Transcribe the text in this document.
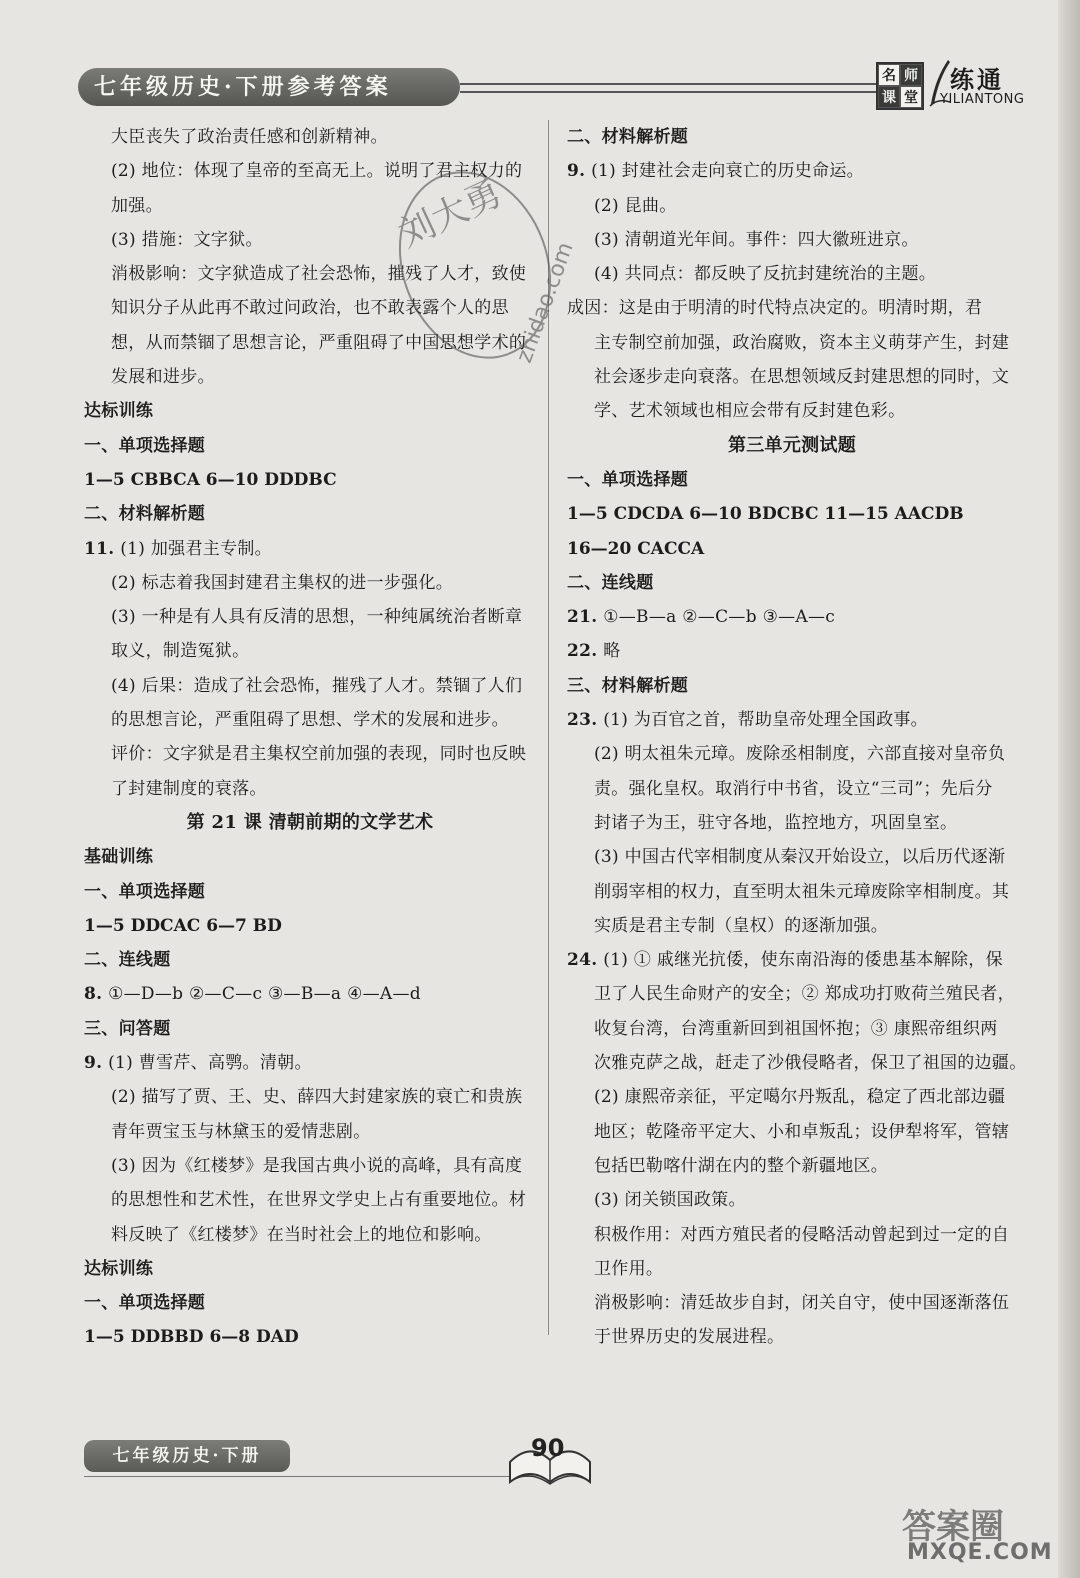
七年级历史·下册参考答案	名 师
课 堂
练通
YILIANTONG
大臣丧失了政治责任感和创新精神。
(2) 地位：体现了皇帝的至高无上。说明了君主权力的
加强。
(3) 措施：文字狱。
消极影响：文字狱造成了社会恐怖，摧残了人才，致使
知识分子从此再不敢过问政治，也不敢表露个人的思
想，从而禁锢了思想言论，严重阻碍了中国思想学术的
发展和进步。
达标训练
一、单项选择题
1—5 CBBCA 6—10 DDDBC
二、材料解析题
11. (1) 加强君主专制。
(2) 标志着我国封建君主集权的进一步强化。
(3) 一种是有人具有反清的思想，一种纯属统治者断章
取义，制造冤狱。
(4) 后果：造成了社会恐怖，摧残了人才。禁锢了人们
的思想言论，严重阻碍了思想、学术的发展和进步。
评价：文字狱是君主集权空前加强的表现，同时也反映
了封建制度的衰落。
第 21 课 清朝前期的文学艺术
基础训练
一、单项选择题
1—5 DDCAC 6—7 BD
二、连线题
8. ①—D—b ②—C—c ③—B—a ④—A—d
三、问答题
9. (1) 曹雪芹、高鹗。清朝。
(2) 描写了贾、王、史、薛四大封建家族的衰亡和贵族
青年贾宝玉与林黛玉的爱情悲剧。
(3) 因为《红楼梦》是我国古典小说的高峰，具有高度
的思想性和艺术性，在世界文学史上占有重要地位。材
料反映了《红楼梦》在当时社会上的地位和影响。
达标训练
一、单项选择题
1—5 DDBBD 6—8 DAD
二、材料解析题
9. (1) 封建社会走向衰亡的历史命运。
(2) 昆曲。
(3) 清朝道光年间。事件：四大徽班进京。
(4) 共同点：都反映了反抗封建统治的主题。
成因：这是由于明清的时代特点决定的。明清时期，君
主专制空前加强，政治腐败，资本主义萌芽产生，封建
社会逐步走向衰落。在思想领域反封建思想的同时，文
学、艺术领域也相应会带有反封建色彩。
第三单元测试题
一、单项选择题
1—5 CDCDA 6—10 BDCBC 11—15 AACDB
16—20 CACCA
二、连线题
21. ①—B—a ②—C—b ③—A—c
22. 略
三、材料解析题
23. (1) 为百官之首，帮助皇帝处理全国政事。
(2) 明太祖朱元璋。废除丞相制度，六部直接对皇帝负
责。强化皇权。取消行中书省，设立“三司”；先后分
封诸子为王，驻守各地，监控地方，巩固皇室。
(3) 中国古代宰相制度从秦汉开始设立，以后历代逐渐
削弱宰相的权力，直至明太祖朱元璋废除宰相制度。其
实质是君主专制（皇权）的逐渐加强。
24. (1) ① 戚继光抗倭，使东南沿海的倭患基本解除，保
卫了人民生命财产的安全；② 郑成功打败荷兰殖民者，
收复台湾，台湾重新回到祖国怀抱；③ 康熙帝组织两
次雅克萨之战，赶走了沙俄侵略者，保卫了祖国的边疆。
(2) 康熙帝亲征，平定噶尔丹叛乱，稳定了西北部边疆
地区；乾隆帝平定大、小和卓叛乱；设伊犁将军，管辖
包括巴勒喀什湖在内的整个新疆地区。
(3) 闭关锁国政策。
积极作用：对西方殖民者的侵略活动曾起到过一定的自
卫作用。
消极影响：清廷故步自封，闭关自守，使中国逐渐落伍
于世界历史的发展进程。
刘大勇
zhidao.com
七年级历史·下册	90
答案圈
MXQE.COM
